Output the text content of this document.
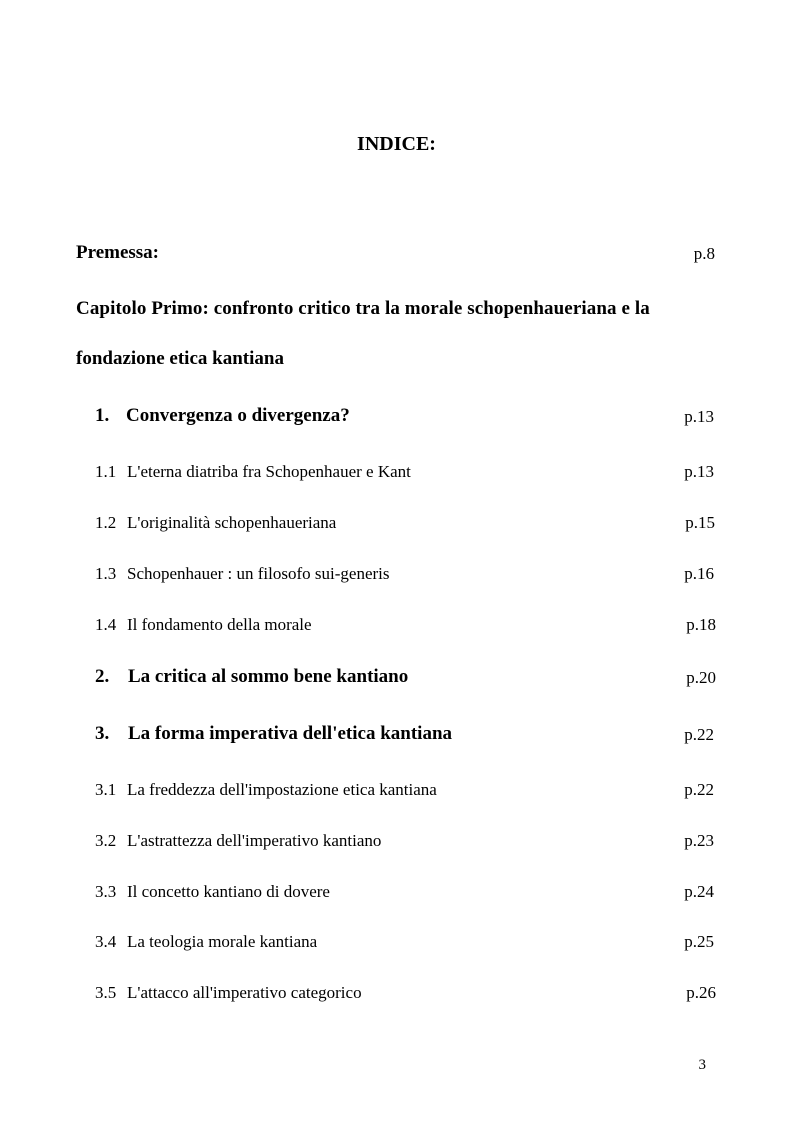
INDICE:
Premessa:	p.8
Capitolo Primo: confronto critico tra la morale schopenhaueriana e la
fondazione etica kantiana
1. Convergenza o divergenza?	p.13
1.1 L'eterna diatriba fra Schopenhauer e Kant	p.13
1.2 L'originalità schopenhaueriana	p.15
1.3 Schopenhauer : un filosofo sui-generis	p.16
1.4 Il fondamento della morale	p.18
2. La critica al sommo bene kantiano	p.20
3. La forma imperativa dell'etica kantiana	p.22
3.1 La freddezza dell'impostazione etica kantiana	p.22
3.2 L'astrattezza dell'imperativo kantiano	p.23
3.3 Il concetto kantiano di dovere	p.24
3.4 La teologia morale kantiana	p.25
3.5 L'attacco all'imperativo categorico	p.26
3
